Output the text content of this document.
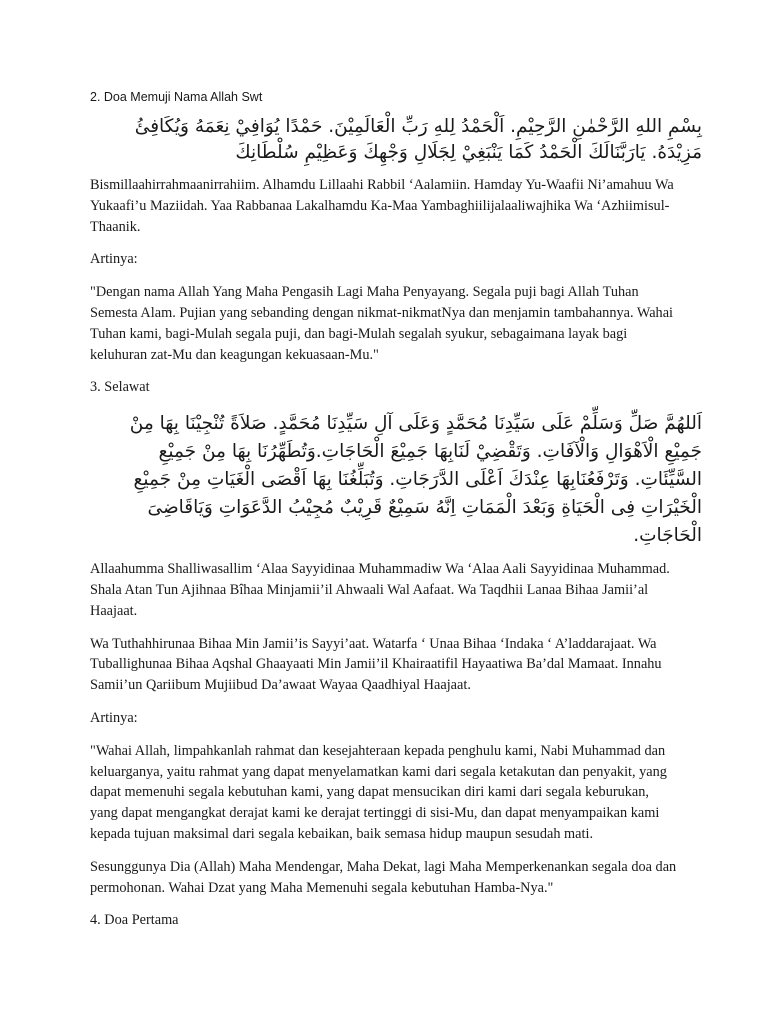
2. Doa Memuji Nama Allah Swt

بِسْمِ اللهِ الرَّحْمٰنِ الرَّحِيْمِ. اَلْحَمْدُ لِلهِ رَبِّ الْعَالَمِيْنَ. حَمْدًا يُوَافِيْ نِعَمَهُ وَيُكَافِئُ مَزِيْدَهُ. يَارَبَّنَالَكَ الْحَمْدُ كَمَا يَنْبَغِيْ لِجَلَالِ وَجْهِكَ وَعَظِيْمِ سُلْطَانِكَ

Bismillaahirrahmaanirrahiim. Alhamdu Lillaahi Rabbil ‘Aalamiin. Hamday Yu-Waafii Ni’amahuu Wa Yukaafi’u Maziidah. Yaa Rabbanaa Lakalhamdu Ka-Maa Yambaghiilijalaaliwajhika Wa ‘Azhiimisul-Thaanik.

Artinya:

"Dengan nama Allah Yang Maha Pengasih Lagi Maha Penyayang. Segala puji bagi Allah Tuhan Semesta Alam. Pujian yang sebanding dengan nikmat-nikmatNya dan menjamin tambahannya. Wahai Tuhan kami, bagi-Mulah segala puji, dan bagi-Mulah segalah syukur, sebagaimana layak bagi keluhuran zat-Mu dan keagungan kekuasaan-Mu."

3. Selawat

اَللهُمَّ صَلِّ وَسَلِّمْ عَلَى سَيِّدِنَا مُحَمَّدٍ وَعَلَى آلِ سَيِّدِنَا مُحَمَّدٍ. صَلاَةً تُنْجِيْنَا بِهَا مِنْ جَمِيْعِ الْاَهْوَالِ وَالْآفَاتِ. وَتَقْضِيْ لَنَابِهَا جَمِيْعَ الْحَاجَاتِ.وَتُطَهِّرُنَا بِهَا مِنْ جَمِيْعِ السَّيِّئَاتِ. وَتَرْفَعُنَابِهَا عِنْدَكَ اَعْلَى الدَّرَجَاتِ. وَتُبَلِّغُنَا بِهَا اَقْصَى الْغَيَاتِ مِنْ جَمِيْعِ الْخَيْرَاتِ فِى الْحَيَاةِ وَبَعْدَ الْمَمَاتِ اِنَّهُ سَمِيْعٌ قَرِيْبٌ مُجِيْبُ الدَّعَوَاتِ وَيَاقَاضِىَ الْحَاجَاتِ.

Allaahumma Shalliwasallim ‘Alaa Sayyidinaa Muhammadiw Wa ‘Alaa Aali Sayyidinaa Muhammad. Shala Atan Tun Ajihnaa Bîhaa Minjamii’il Ahwaali Wal Aafaat. Wa Taqdhii Lanaa Bihaa Jamii’al Haajaat.

Wa Tuthahhirunaa Bihaa Min Jamii’is Sayyi’aat. Watarfa ‘ Unaa Bihaa ‘Indaka ‘ A’laddarajaat. Wa Tuballighunaa Bihaa Aqshal Ghaayaati Min Jamii’il Khairaatifil Hayaatiwa Ba’dal Mamaat. Innahu Samii’un Qariibum Mujiibud Da’awaat Wayaa Qaadhiyal Haajaat.

Artinya:

"Wahai Allah, limpahkanlah rahmat dan kesejahteraan kepada penghulu kami, Nabi Muhammad dan keluarganya, yaitu rahmat yang dapat menyelamatkan kami dari segala ketakutan dan penyakit, yang dapat memenuhi segala kebutuhan kami, yang dapat mensucikan diri kami dari segala keburukan, yang dapat mengangkat derajat kami ke derajat tertinggi di sisi-Mu, dan dapat menyampaikan kami kepada tujuan maksimal dari segala kebaikan, baik semasa hidup maupun sesudah mati.

Sesunggunya Dia (Allah) Maha Mendengar, Maha Dekat, lagi Maha Memperkenankan segala doa dan permohonan. Wahai Dzat yang Maha Memenuhi segala kebutuhan Hamba-Nya."

4. Doa Pertama
